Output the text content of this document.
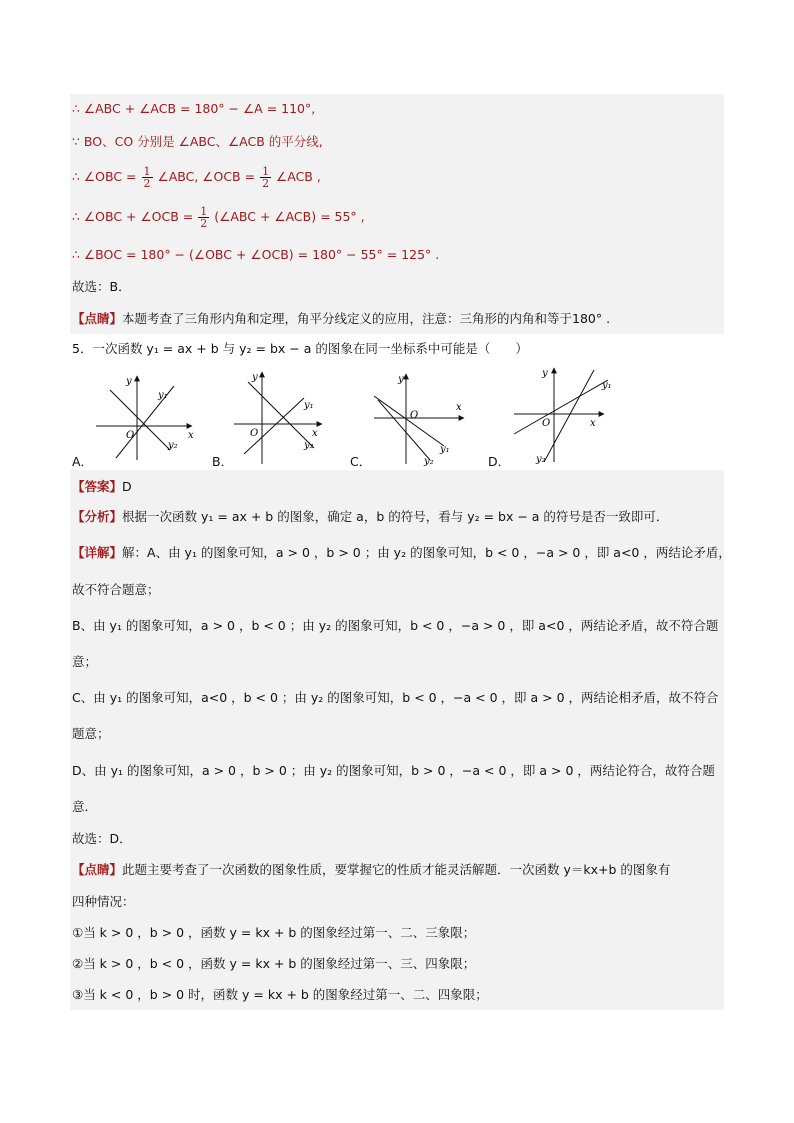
∴ ∠ABC + ∠ACB = 180° − ∠A = 110°,
∵ BO、CO 分别是 ∠ABC、∠ACB 的平分线,
∴ ∠OBC = $\frac{1}{2}$ ∠ABC, ∠OCB = $\frac{1}{2}$ ∠ACB ,
∴ ∠OBC + ∠OCB = $\frac{1}{2}$ (∠ABC + ∠ACB) = 55° ,
∴ ∠BOC = 180° − (∠OBC + ∠OCB) = 180° − 55° = 125° .
故选：B．
【点睛】本题考查了三角形内角和定理，角平分线定义的应用，注意：三角形的内角和等于180° .
5．一次函数 y₁ = ax + b 与 y₂ = bx − a 的图象在同一坐标系中可能是（　　）
y
x
O
y₁
y₂
A．
y
x
O
y₁
y₂
B．
y
x
O
y₁
y₂
C．
y
x
O
y₁
y₂
D．
【答案】D
【分析】根据一次函数 y₁ = ax + b 的图象，确定 a，b 的符号，看与 y₂ = bx − a 的符号是否一致即可．
【详解】解：A、由 y₁ 的图象可知，a > 0 ，b > 0 ；由 y₂ 的图象可知，b < 0 ，−a > 0 ，即 a<0 ，两结论矛盾，
故不符合题意；
B、由 y₁ 的图象可知，a > 0 ，b < 0 ；由 y₂ 的图象可知，b < 0 ，−a > 0 ，即 a<0 ，两结论矛盾，故不符合题
意；
C、由 y₁ 的图象可知，a<0 ，b < 0 ；由 y₂ 的图象可知，b < 0 ，−a < 0 ，即 a > 0 ，两结论相矛盾，故不符合
题意；
D、由 y₁ 的图象可知，a > 0 ，b > 0 ；由 y₂ 的图象可知，b > 0 ，−a < 0 ，即 a > 0 ，两结论符合，故符合题
意．
故选：D．
【点睛】此题主要考查了一次函数的图象性质，要掌握它的性质才能灵活解题．一次函数 y＝kx+b 的图象有
四种情况：
①当 k > 0 ，b > 0 ，函数 y = kx + b 的图象经过第一、二、三象限；
②当 k > 0 ，b < 0 ，函数 y = kx + b 的图象经过第一、三、四象限；
③当 k < 0 ，b > 0 时，函数 y = kx + b 的图象经过第一、二、四象限；
